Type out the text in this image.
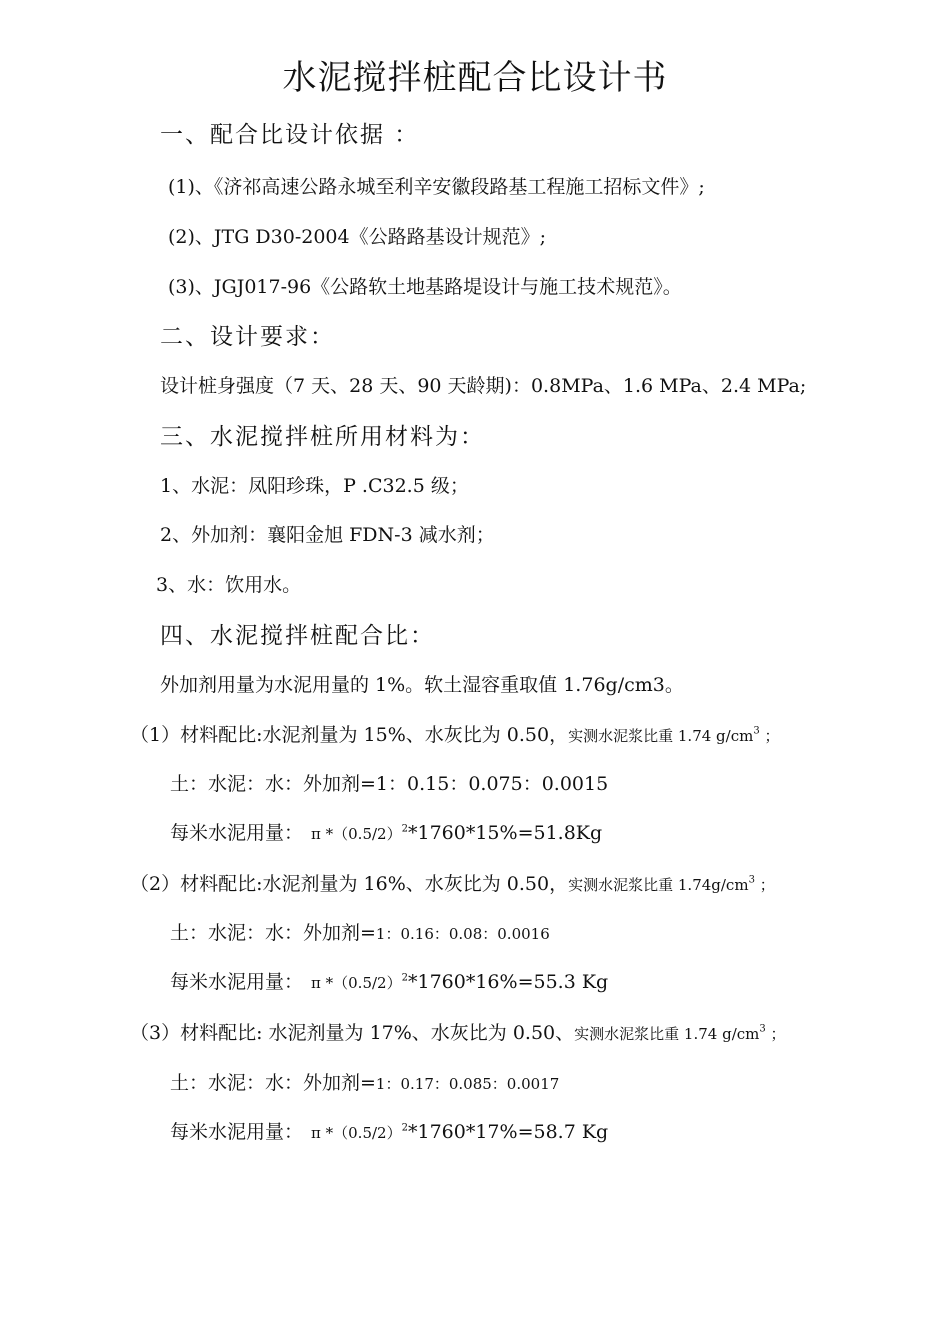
水泥搅拌桩配合比设计书
一、配合比设计依据 ：
(1)、《济祁高速公路永城至利辛安徽段路基工程施工招标文件》;
(2)、JTG D30-2004《公路路基设计规范》;
(3)、JGJ017-96《公路软土地基路堤设计与施工技术规范》。
二、设计要求：
设计桩身强度（7 天、28 天、90 天龄期)：0.8MPa、1.6 MPa、2.4 MPa;
三、水泥搅拌桩所用材料为：
1、水泥：凤阳珍珠，P .C32.5 级；
2、外加剂：襄阳金旭 FDN-3 减水剂；
3、水：饮用水。
四、水泥搅拌桩配合比：
外加剂用量为水泥用量的 1%。软土湿容重取值 1.76g/cm3。
（1）材料配比:水泥剂量为 15%、水灰比为 0.50，实测水泥浆比重 1.74 $g/cm^3$ ；
土：水泥：水：外加剂=1：0.15：0.075：0.0015
每米水泥用量： π $*(0.5/2)^2*1760*15\%=51.8Kg$
（2）材料配比:水泥剂量为 16%、水灰比为 0.50，实测水泥浆比重 $1.74g/cm^3$ ；
土：水泥：水：外加剂=1：0.16：0.08：0.0016
每米水泥用量： π $*(0.5/2)^2*1760*16\%=55.3$ Kg
（3）材料配比: 水泥剂量为 17%、水灰比为 0.50、实测水泥浆比重 1.74 $g/cm^3$ ；
土：水泥：水：外加剂=1：0.17：0.085：0.0017
每米水泥用量： π $*(0.5/2)^2*1760*17\%=58.7$ Kg
